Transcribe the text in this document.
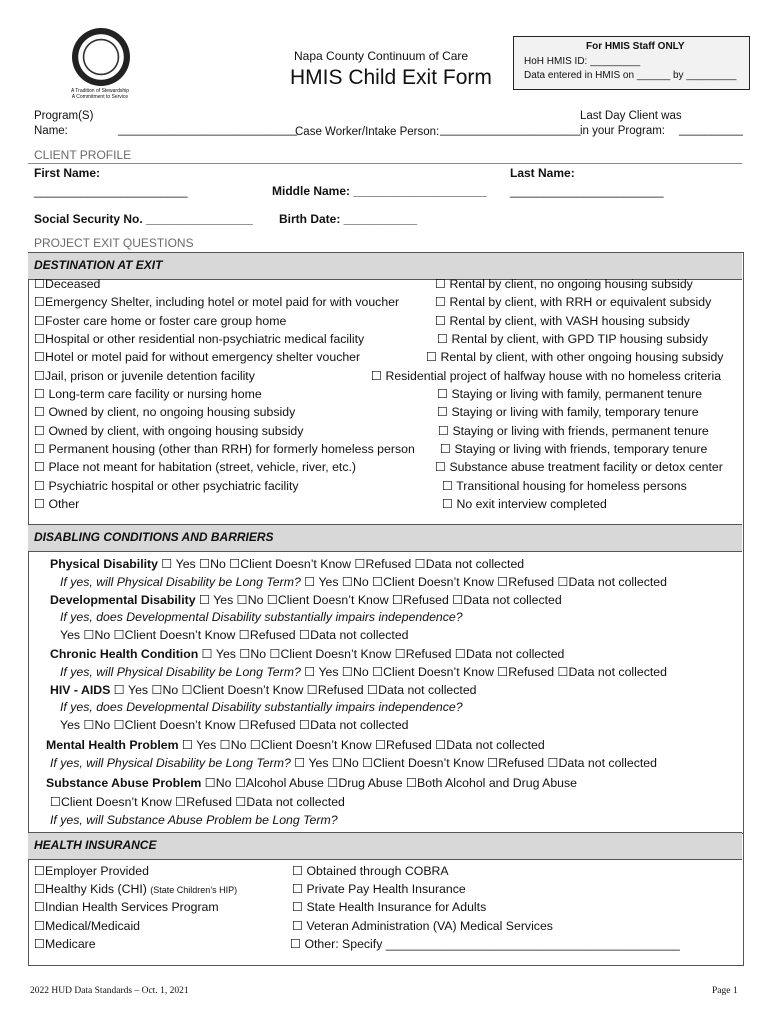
A Tradition of Stewardship
A Commitment to Service
Napa County Continuum of Care
HMIS Child Exit Form
For HMIS Staff ONLY
HoH HMIS ID: _________
Data entered in HMIS on ______ by _________
Program(S)
Name:	____________________________
Case Worker/Intake Person: ______________________
Last Day Client was
in your Program: __________
CLIENT PROFILE
First Name:
_______________________	Middle Name: ____________________
Last Name:
_______________________
Social Security No. ________________ Birth Date: ___________
PROJECT EXIT QUESTIONS
DESTINATION AT EXIT
☐Deceased
☐Emergency Shelter, including hotel or motel paid for with voucher
☐Foster care home or foster care group home
☐Hospital or other residential non-psychiatric medical facility
☐Hotel or motel paid for without emergency shelter voucher
☐Jail, prison or juvenile detention facility
☐ Long-term care facility or nursing home
☐ Owned by client, no ongoing housing subsidy
☐ Owned by client, with ongoing housing subsidy
☐ Permanent housing (other than RRH) for formerly homeless person
☐ Place not meant for habitation (street, vehicle, river, etc.)
☐ Psychiatric hospital or other psychiatric facility
☐ Other
☐ Rental by client, no ongoing housing subsidy
☐ Rental by client, with RRH or equivalent subsidy
☐ Rental by client, with VASH housing subsidy
☐ Rental by client, with GPD TIP housing subsidy
☐ Rental by client, with other ongoing housing subsidy
☐ Residential project of halfway house with no homeless criteria
☐ Staying or living with family, permanent tenure
☐ Staying or living with family, temporary tenure
☐ Staying or living with friends, permanent tenure
☐ Staying or living with friends, temporary tenure
☐ Substance abuse treatment facility or detox center
☐ Transitional housing for homeless persons
☐ No exit interview completed
DISABLING CONDITIONS AND BARRIERS
Physical Disability ☐ Yes ☐No ☐Client Doesn’t Know ☐Refused ☐Data not collected
If yes, will Physical Disability be Long Term? ☐ Yes ☐No ☐Client Doesn’t Know ☐Refused ☐Data not collected
Developmental Disability ☐ Yes ☐No ☐Client Doesn’t Know ☐Refused ☐Data not collected
If yes, does Developmental Disability substantially impairs independence?
Yes ☐No ☐Client Doesn’t Know ☐Refused ☐Data not collected
Chronic Health Condition ☐ Yes ☐No ☐Client Doesn’t Know ☐Refused ☐Data not collected
If yes, will Physical Disability be Long Term? ☐ Yes ☐No ☐Client Doesn’t Know ☐Refused ☐Data not collected
HIV - AIDS ☐ Yes ☐No ☐Client Doesn’t Know ☐Refused ☐Data not collected
If yes, does Developmental Disability substantially impairs independence?
Yes ☐No ☐Client Doesn’t Know ☐Refused ☐Data not collected
Mental Health Problem ☐ Yes ☐No ☐Client Doesn’t Know ☐Refused ☐Data not collected
If yes, will Physical Disability be Long Term? ☐ Yes ☐No ☐Client Doesn’t Know ☐Refused ☐Data not collected
Substance Abuse Problem ☐No ☐Alcohol Abuse ☐Drug Abuse ☐Both Alcohol and Drug Abuse
☐Client Doesn’t Know ☐Refused ☐Data not collected
If yes, will Substance Abuse Problem be Long Term?
HEALTH INSURANCE
☐Employer Provided
☐Healthy Kids (CHI) (State Children’s HIP)
☐Indian Health Services Program
☐Medical/Medicaid
☐Medicare
☐ Obtained through COBRA
☐ Private Pay Health Insurance
☐ State Health Insurance for Adults
☐ Veteran Administration (VA) Medical Services
☐ Other: Specify ___________________________________________
2022 HUD Data Standards – Oct. 1, 2021	Page 1
